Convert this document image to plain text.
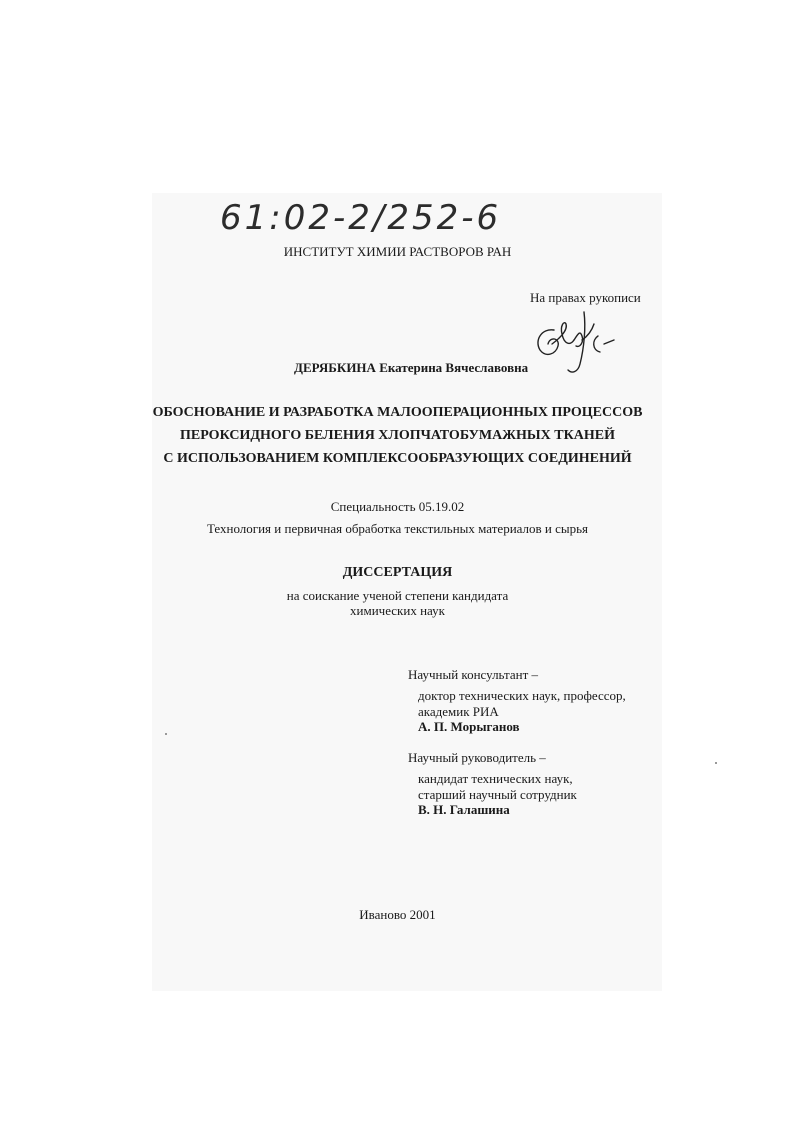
61:02-2/252-6
ИНСТИТУТ ХИМИИ РАСТВОРОВ РАН
На правах рукописи
ДЕРЯБКИНА Екатерина Вячеславовна
ОБОСНОВАНИЕ И РАЗРАБОТКА МАЛООПЕРАЦИОННЫХ ПРОЦЕССОВ
ПЕРОКСИДНОГО БЕЛЕНИЯ ХЛОПЧАТОБУМАЖНЫХ ТКАНЕЙ
С ИСПОЛЬЗОВАНИЕМ КОМПЛЕКСООБРАЗУЮЩИХ СОЕДИНЕНИЙ
Специальность 05.19.02
Технология и первичная обработка текстильных материалов и сырья
ДИССЕРТАЦИЯ
на соискание ученой степени кандидата
химических наук
Научный консультант –
доктор технических наук, профессор,
академик РИА
А. П. Морыганов
Научный руководитель –
кандидат технических наук,
старший научный сотрудник
В. Н. Галашина
Иваново 2001
